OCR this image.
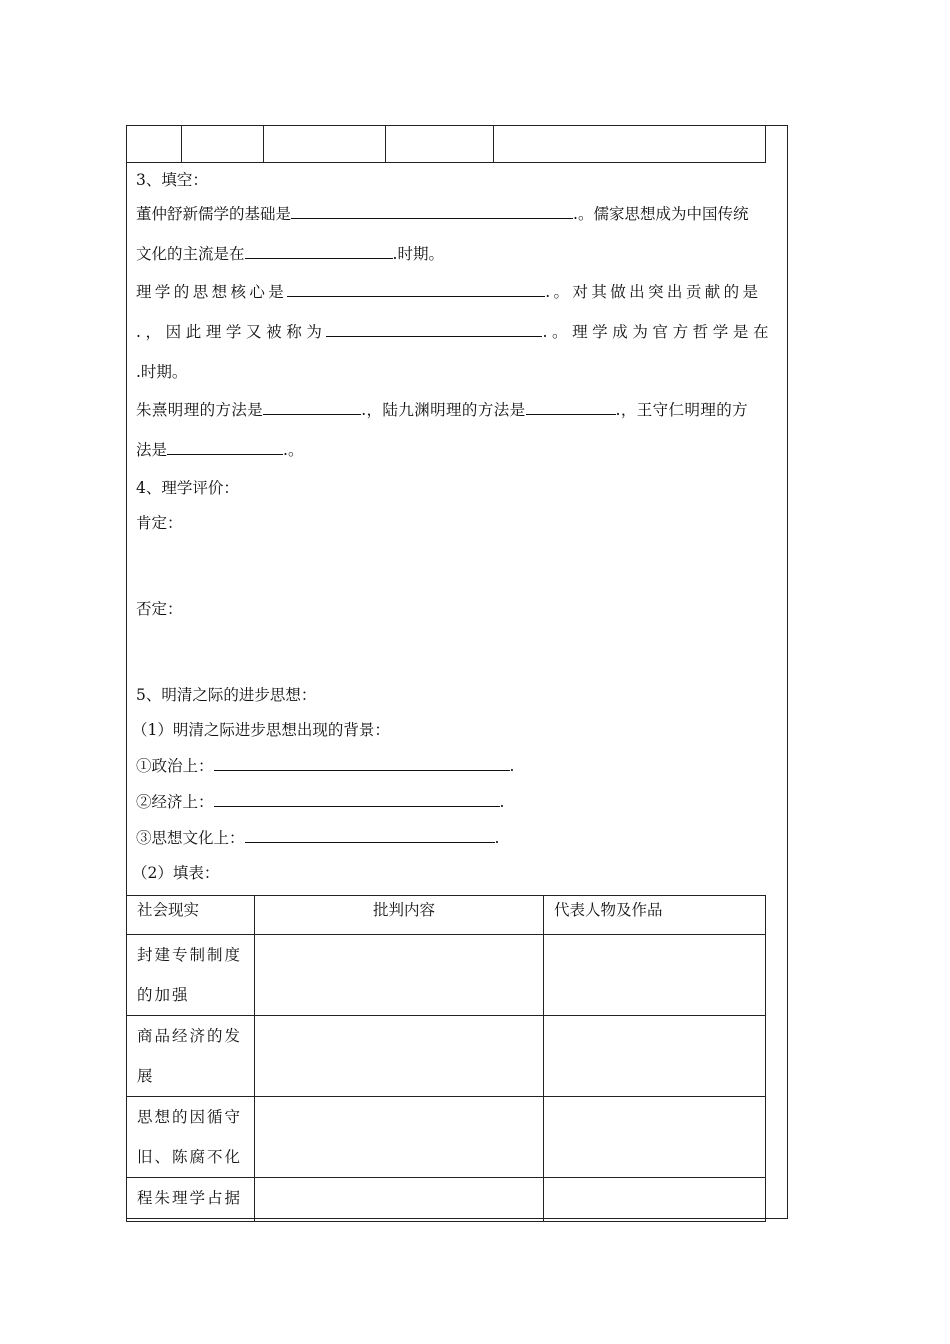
3、填空：
董仲舒新儒学的基础是	.。儒家思想成为中国传统
文化的主流是在	.时期。
理学的思想核心是	.。对其做出突出贡献的是
.，因此理学又被称为	.。理学成为官方哲学是在
.时期。
朱熹明理的方法是	.，陆九渊明理的方法是	.，王守仁明理的方
法是	.。
4、理学评价：
肯定：
否定：
5、明清之际的进步思想：
（1）明清之际进步思想出现的背景：
①政治上：	.
②经济上：	.
③思想文化上：	.
（2）填表：
社会现实	批判内容	代表人物及作品

封建专制制度
的加强		

商品经济的发
展		

思想的因循守
旧、陈腐不化		

程朱理学占据		
